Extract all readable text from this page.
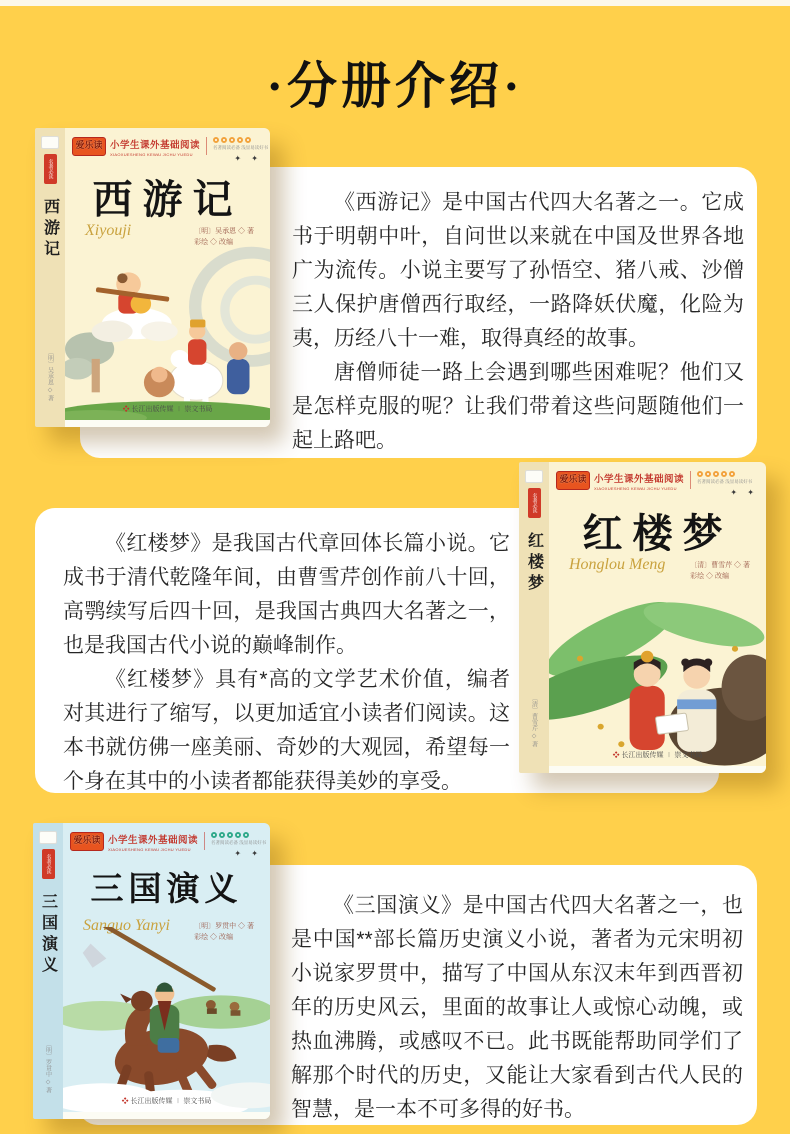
·分册介绍·
名著必读
西游记
〔明〕吴承恩 ◇ 著
爱乐读 小学生课外基础阅读
XIAOXUESHENG KEWAI JICHU YUEDU
名著阅读必备 浅显易读好书
✦ ✦
西游记
Xiyouji	〔明〕吴承恩 ◇ 著
彩绘 ◇ 改编
❖ 长江出版传媒 ∣ 崇文书局

《西游记》是中国古代四大名著之一。它成书于明朝中叶，自问世以来就在中国及世界各地广为流传。小说主要写了孙悟空、猪八戒、沙僧三人保护唐僧西行取经，一路降妖伏魔，化险为夷，历经八十一难，取得真经的故事。

唐僧师徒一路上会遇到哪些困难呢？他们又是怎样克服的呢？让我们带着这些问题随他们一起上路吧。

《红楼梦》是我国古代章回体长篇小说。它成书于清代乾隆年间，由曹雪芹创作前八十回，高鹗续写后四十回，是我国古典四大名著之一，也是我国古代小说的巅峰制作。

《红楼梦》具有*高的文学艺术价值，编者对其进行了缩写，以更加适宜小读者们阅读。这本书就仿佛一座美丽、奇妙的大观园，希望每一个身在其中的小读者都能获得美妙的享受。

名著必读
红楼梦
〔清〕曹雪芹 ◇ 著
爱乐读 小学生课外基础阅读
XIAOXUESHENG KEWAI JICHU YUEDU
名著阅读必备 浅显易读好书
✦ ✦
红楼梦
Honglou Meng	〔清〕曹雪芹 ◇ 著
彩绘 ◇ 改编
❖ 长江出版传媒 ∣ 崇文书局
名著必读
三国演义
〔明〕罗贯中 ◇ 著
爱乐读 小学生课外基础阅读
XIAOXUESHENG KEWAI JICHU YUEDU
名著阅读必备 浅显易读好书
✦ ✦
三国演义
Sanguo Yanyi	〔明〕罗贯中 ◇ 著
彩绘 ◇ 改编
❖ 长江出版传媒 ∣ 崇文书局

《三国演义》是中国古代四大名著之一，也是中国**部长篇历史演义小说，著者为元宋明初小说家罗贯中，描写了中国从东汉末年到西晋初年的历史风云，里面的故事让人或惊心动魄，或热血沸腾，或感叹不已。此书既能帮助同学们了解那个时代的历史，又能让大家看到古代人民的智慧，是一本不可多得的好书。
